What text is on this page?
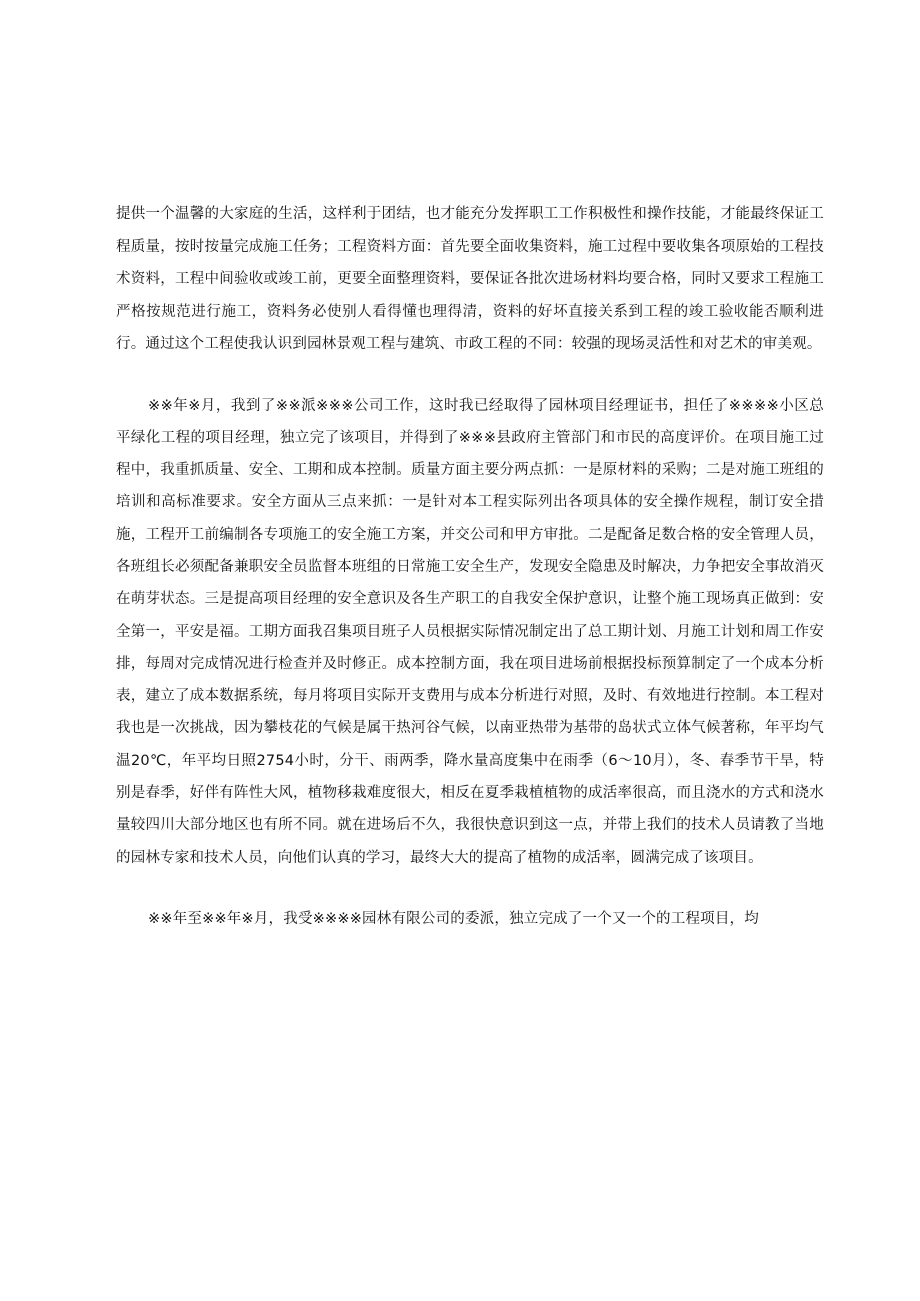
提供一个温馨的大家庭的生活，这样利于团结，也才能充分发挥职工工作积极性和操作技能，才能最终保证工程质量，按时按量完成施工任务；工程资料方面：首先要全面收集资料，施工过程中要收集各项原始的工程技术资料，工程中间验收或竣工前，更要全面整理资料，要保证各批次进场材料均要合格，同时又要求工程施工严格按规范进行施工，资料务必使别人看得懂也理得清，资料的好坏直接关系到工程的竣工验收能否顺利进行。通过这个工程使我认识到园林景观工程与建筑、市政工程的不同：较强的现场灵活性和对艺术的审美观。

※※年※月，我到了※※派※※※公司工作，这时我已经取得了园林项目经理证书，担任了※※※※小区总平绿化工程的项目经理，独立完了该项目，并得到了※※※县政府主管部门和市民的高度评价。在项目施工过程中，我重抓质量、安全、工期和成本控制。质量方面主要分两点抓：一是原材料的采购；二是对施工班组的培训和高标准要求。安全方面从三点来抓：一是针对本工程实际列出各项具体的安全操作规程，制订安全措施，工程开工前编制各专项施工的安全施工方案，并交公司和甲方审批。二是配备足数合格的安全管理人员，各班组长必须配备兼职安全员监督本班组的日常施工安全生产，发现安全隐患及时解决，力争把安全事故消灭在萌芽状态。三是提高项目经理的安全意识及各生产职工的自我安全保护意识，让整个施工现场真正做到：安全第一，平安是福。工期方面我召集项目班子人员根据实际情况制定出了总工期计划、月施工计划和周工作安排，每周对完成情况进行检查并及时修正。成本控制方面，我在项目进场前根据投标预算制定了一个成本分析表，建立了成本数据系统，每月将项目实际开支费用与成本分析进行对照，及时、有效地进行控制。本工程对我也是一次挑战，因为攀枝花的气候是属干热河谷气候，以南亚热带为基带的岛状式立体气候著称，年平均气温20℃，年平均日照2754小时，分干、雨两季，降水量高度集中在雨季（6～10月），冬、春季节干旱，特别是春季，好伴有阵性大风，植物移栽难度很大，相反在夏季栽植植物的成活率很高，而且浇水的方式和浇水量较四川大部分地区也有所不同。就在进场后不久，我很快意识到这一点，并带上我们的技术人员请教了当地的园林专家和技术人员，向他们认真的学习，最终大大的提高了植物的成活率，圆满完成了该项目。

※※年至※※年※月，我受※※※※园林有限公司的委派，独立完成了一个又一个的工程项目，均
